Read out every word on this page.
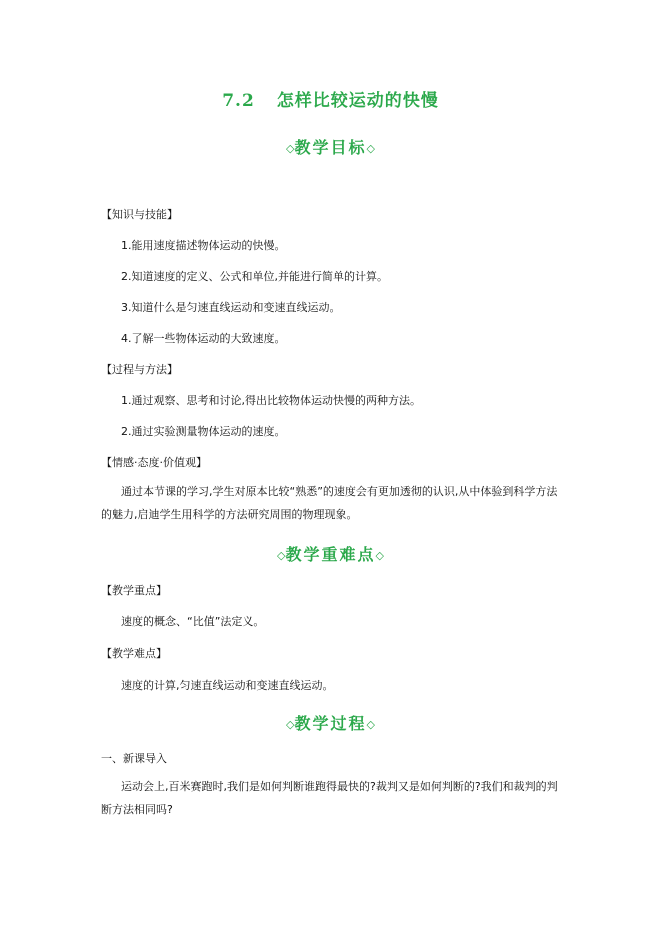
7.2 怎样比较运动的快慢
◇教学目标◇
【知识与技能】
1.能用速度描述物体运动的快慢。
2.知道速度的定义、公式和单位,并能进行简单的计算。
3.知道什么是匀速直线运动和变速直线运动。
4.了解一些物体运动的大致速度。
【过程与方法】
1.通过观察、思考和讨论,得出比较物体运动快慢的两种方法。
2.通过实验测量物体运动的速度。
【情感·态度·价值观】
通过本节课的学习,学生对原本比较“熟悉”的速度会有更加透彻的认识,从中体验到科学方法的魅力,启迪学生用科学的方法研究周围的物理现象。
◇教学重难点◇
【教学重点】
速度的概念、“比值”法定义。
【教学难点】
速度的计算,匀速直线运动和变速直线运动。
◇教学过程◇
一、新课导入
运动会上,百米赛跑时,我们是如何判断谁跑得最快的?裁判又是如何判断的?我们和裁判的判断方法相同吗?
